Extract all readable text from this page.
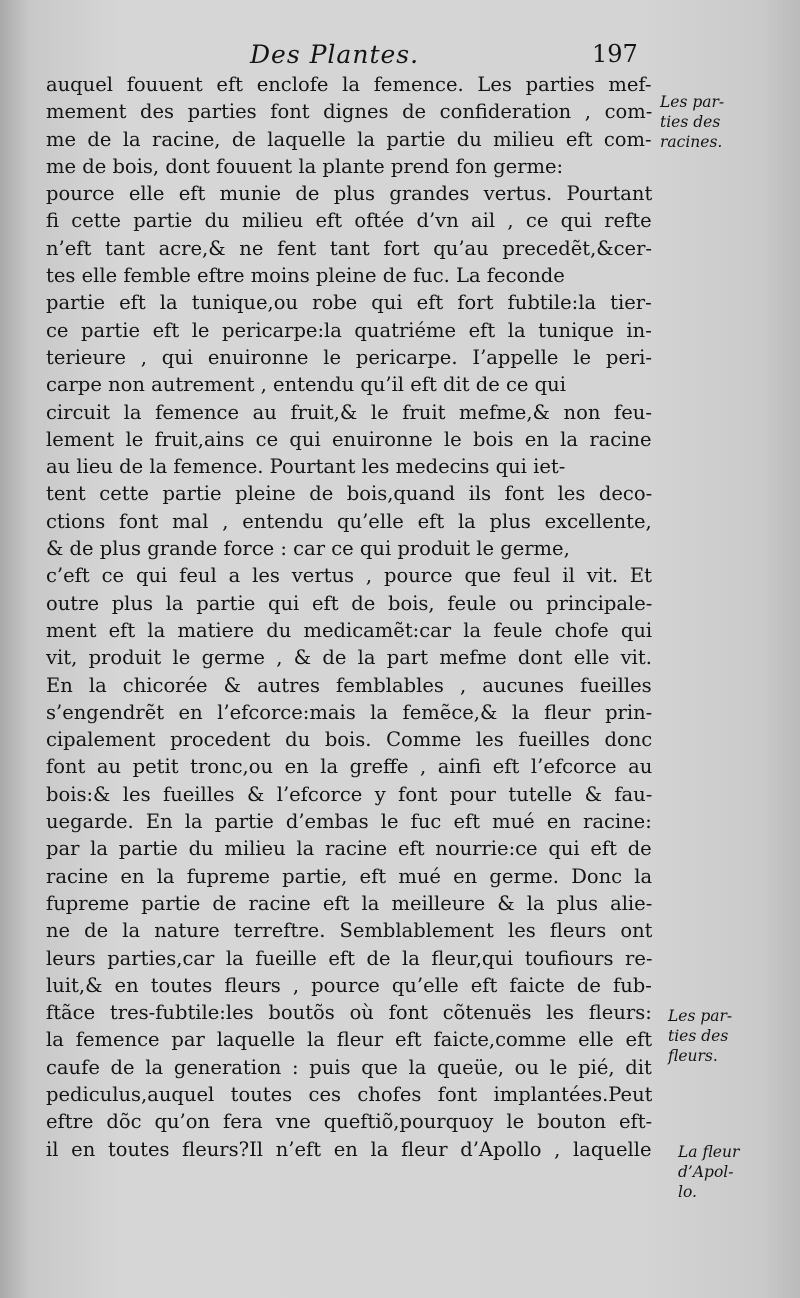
Des Plantes.	197
auquel fouuent eft enclofe la femence. Les parties mef-
mement des parties font dignes de confideration , com-
me de la racine, de laquelle la partie du milieu eft com-
me de bois, dont fouuent la plante prend fon germe:
pource elle eft munie de plus grandes vertus. Pourtant
fi cette partie du milieu eft oftée d’vn ail , ce qui refte
n’eft tant acre,& ne fent tant fort qu’au precedẽt,&cer-
tes elle femble eftre moins pleine de fuc. La feconde
partie eft la tunique,ou robe qui eft fort fubtile:la tier-
ce partie eft le pericarpe:la quatriéme eft la tunique in-
terieure , qui enuironne le pericarpe. I’appelle le peri-
carpe non autrement , entendu qu’il eft dit de ce qui
circuit la femence au fruit,& le fruit mefme,& non feu-
lement le fruit,ains ce qui enuironne le bois en la racine
au lieu de la femence. Pourtant les medecins qui iet-
tent cette partie pleine de bois,quand ils font les deco-
ctions font mal , entendu qu’elle eft la plus excellente,
& de plus grande force : car ce qui produit le germe,
c’eft ce qui feul a les vertus , pource que feul il vit. Et
outre plus la partie qui eft de bois, feule ou principale-
ment eft la matiere du medicamẽt:car la feule chofe qui
vit, produit le germe , & de la part mefme dont elle vit.
En la chicorée & autres femblables , aucunes fueilles
s’engendrẽt en l’efcorce:mais la femẽce,& la fleur prin-
cipalement procedent du bois. Comme les fueilles donc
font au petit tronc,ou en la greffe , ainfi eft l’efcorce au
bois:& les fueilles & l’efcorce y font pour tutelle & fau-
uegarde. En la partie d’embas le fuc eft mué en racine:
par la partie du milieu la racine eft nourrie:ce qui eft de
racine en la fupreme partie, eft mué en germe. Donc la
fupreme partie de racine eft la meilleure & la plus alie-
ne de la nature terreftre. Semblablement les fleurs ont
leurs parties,car la fueille eft de la fleur,qui toufiours re-
luit,& en toutes fleurs , pource qu’elle eft faicte de fub-
ftãce tres-fubtile:les boutõs où font cõtenuës les fleurs:
la femence par laquelle la fleur eft faicte,comme elle eft
caufe de la generation : puis que la queüe, ou le pié, dit
pediculus,auquel toutes ces chofes font implantées.Peut
eftre dõc qu’on fera vne queftiõ,pourquoy le bouton eft-
il en toutes fleurs?Il n’eft en la fleur d’Apollo , laquelle
Les par-
ties des
racines.
Les par-
ties des
fleurs.
La fleur
d’Apol-
lo.
